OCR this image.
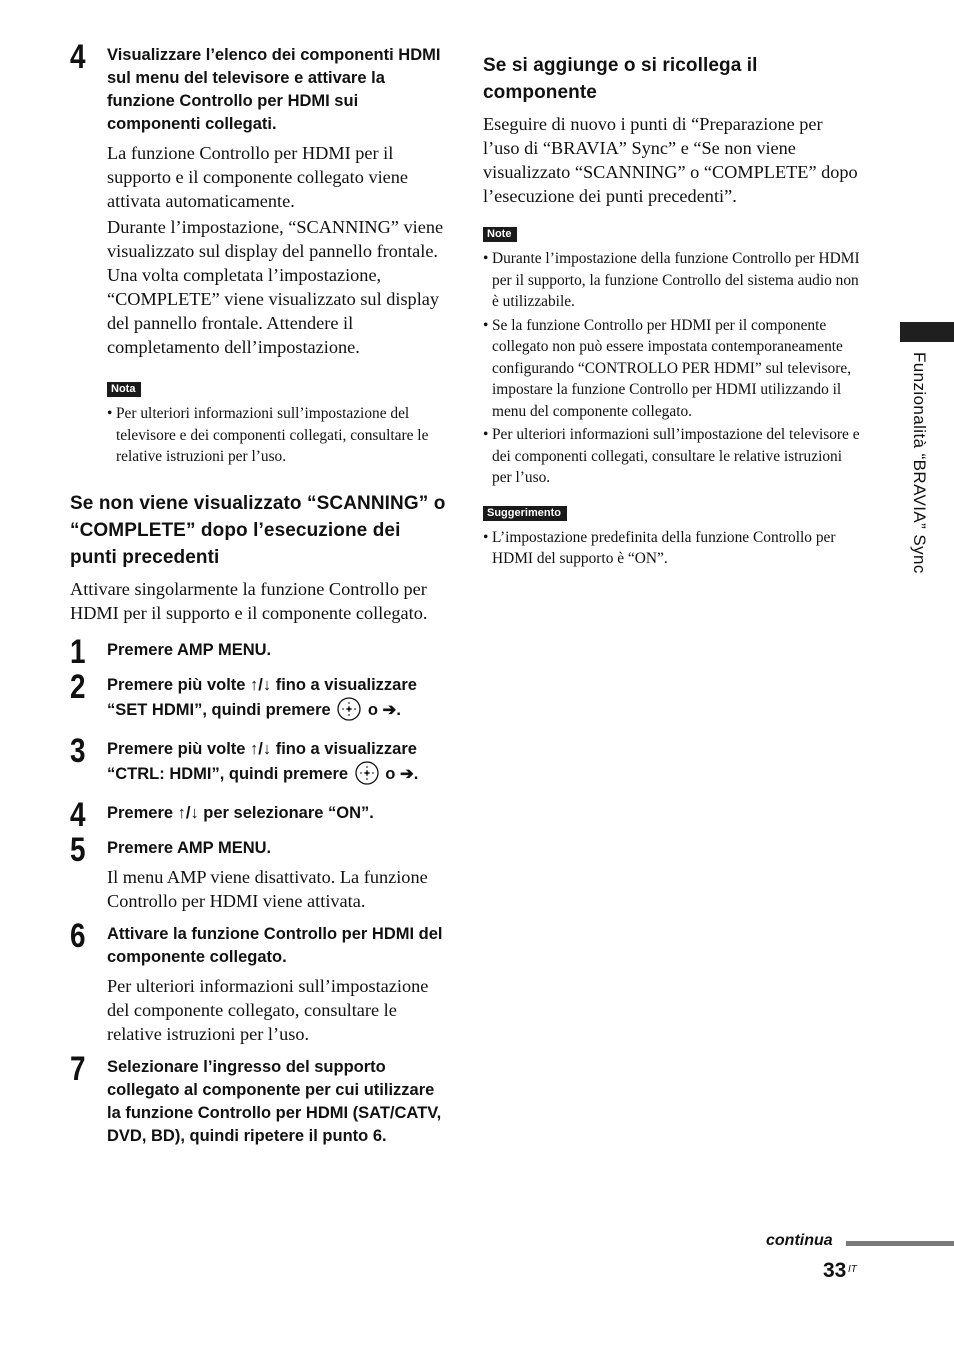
4 Visualizzare l’elenco dei componenti HDMI sul menu del televisore e attivare la funzione Controllo per HDMI sui componenti collegati.

La funzione Controllo per HDMI per il supporto e il componente collegato viene attivata automaticamente.

Durante l’impostazione, “SCANNING” viene visualizzato sul display del pannello frontale. Una volta completata l’impostazione, “COMPLETE” viene visualizzato sul display del pannello frontale. Attendere il completamento dell’impostazione.

Nota
• Per ulteriori informazioni sull’impostazione del televisore e dei componenti collegati, consultare le relative istruzioni per l’uso.
Se non viene visualizzato “SCANNING” o “COMPLETE” dopo l’esecuzione dei punti precedenti

Attivare singolarmente la funzione Controllo per HDMI per il supporto e il componente collegato.

1 Premere AMP MENU.

2 Premere più volte ↑/↓ fino a visualizzare “SET HDMI”, quindi premere o ➔.

3 Premere più volte ↑/↓ fino a visualizzare “CTRL: HDMI”, quindi premere o ➔.

4 Premere ↑/↓ per selezionare “ON”.

5 Premere AMP MENU.

Il menu AMP viene disattivato. La funzione Controllo per HDMI viene attivata.

6 Attivare la funzione Controllo per HDMI del componente collegato.

Per ulteriori informazioni sull’impostazione del componente collegato, consultare le relative istruzioni per l’uso.

7 Selezionare l’ingresso del supporto collegato al componente per cui utilizzare la funzione Controllo per HDMI (SAT/CATV, DVD, BD), quindi ripetere il punto 6.

Se si aggiunge o si ricollega il componente

Eseguire di nuovo i punti di “Preparazione per l’uso di “BRAVIA” Sync” e “Se non viene visualizzato “SCANNING” o “COMPLETE” dopo l’esecuzione dei punti precedenti”.

Note
• Durante l’impostazione della funzione Controllo per HDMI per il supporto, la funzione Controllo del sistema audio non è utilizzabile.
• Se la funzione Controllo per HDMI per il componente collegato non può essere impostata contemporaneamente configurando “CONTROLLO PER HDMI” sul televisore, impostare la funzione Controllo per HDMI utilizzando il menu del componente collegato.
• Per ulteriori informazioni sull’impostazione del televisore e dei componenti collegati, consultare le relative istruzioni per l’uso.
Suggerimento
• L’impostazione predefinita della funzione Controllo per HDMI del supporto è “ON”.	Funzionalità “BRAVIA” Sync
continua
33 IT
